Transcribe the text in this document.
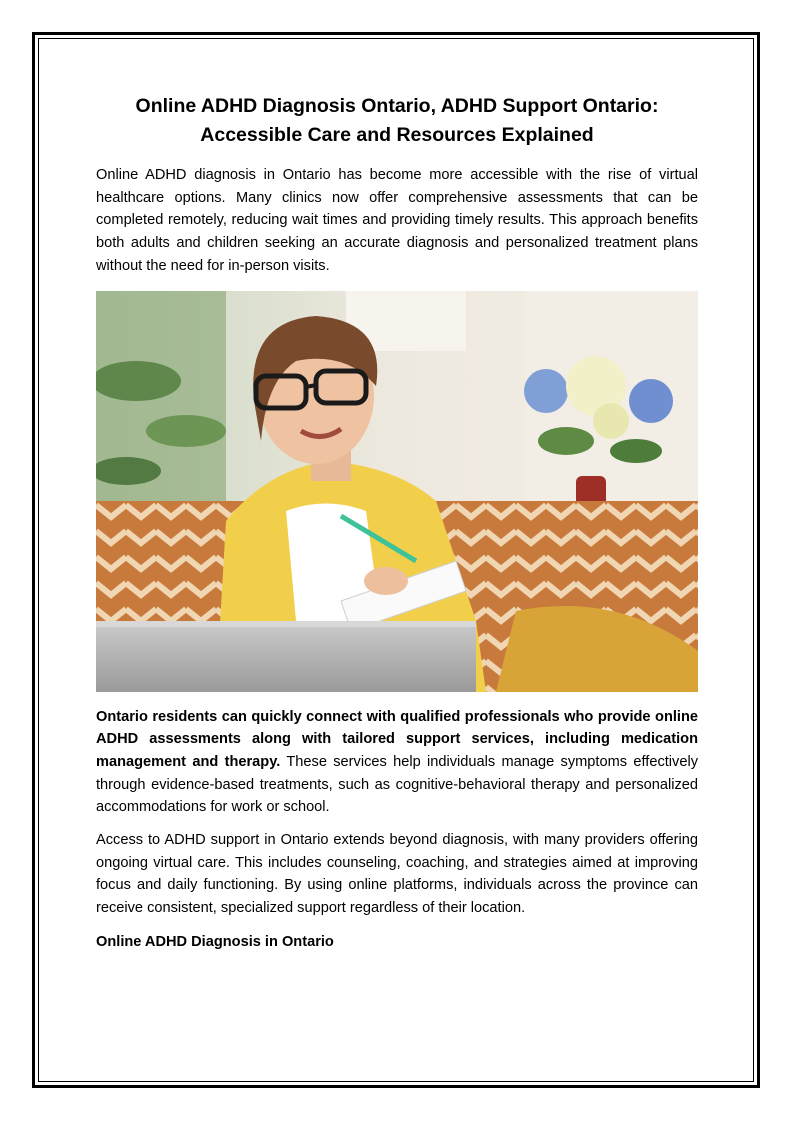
Online ADHD Diagnosis Ontario, ADHD Support Ontario: Accessible Care and Resources Explained

Online ADHD diagnosis in Ontario has become more accessible with the rise of virtual healthcare options. Many clinics now offer comprehensive assessments that can be completed remotely, reducing wait times and providing timely results. This approach benefits both adults and children seeking an accurate diagnosis and personalized treatment plans without the need for in-person visits.

Ontario residents can quickly connect with qualified professionals who provide online ADHD assessments along with tailored support services, including medication management and therapy. These services help individuals manage symptoms effectively through evidence-based treatments, such as cognitive-behavioral therapy and personalized accommodations for work or school.

Access to ADHD support in Ontario extends beyond diagnosis, with many providers offering ongoing virtual care. This includes counseling, coaching, and strategies aimed at improving focus and daily functioning. By using online platforms, individuals across the province can receive consistent, specialized support regardless of their location.

Online ADHD Diagnosis in Ontario
